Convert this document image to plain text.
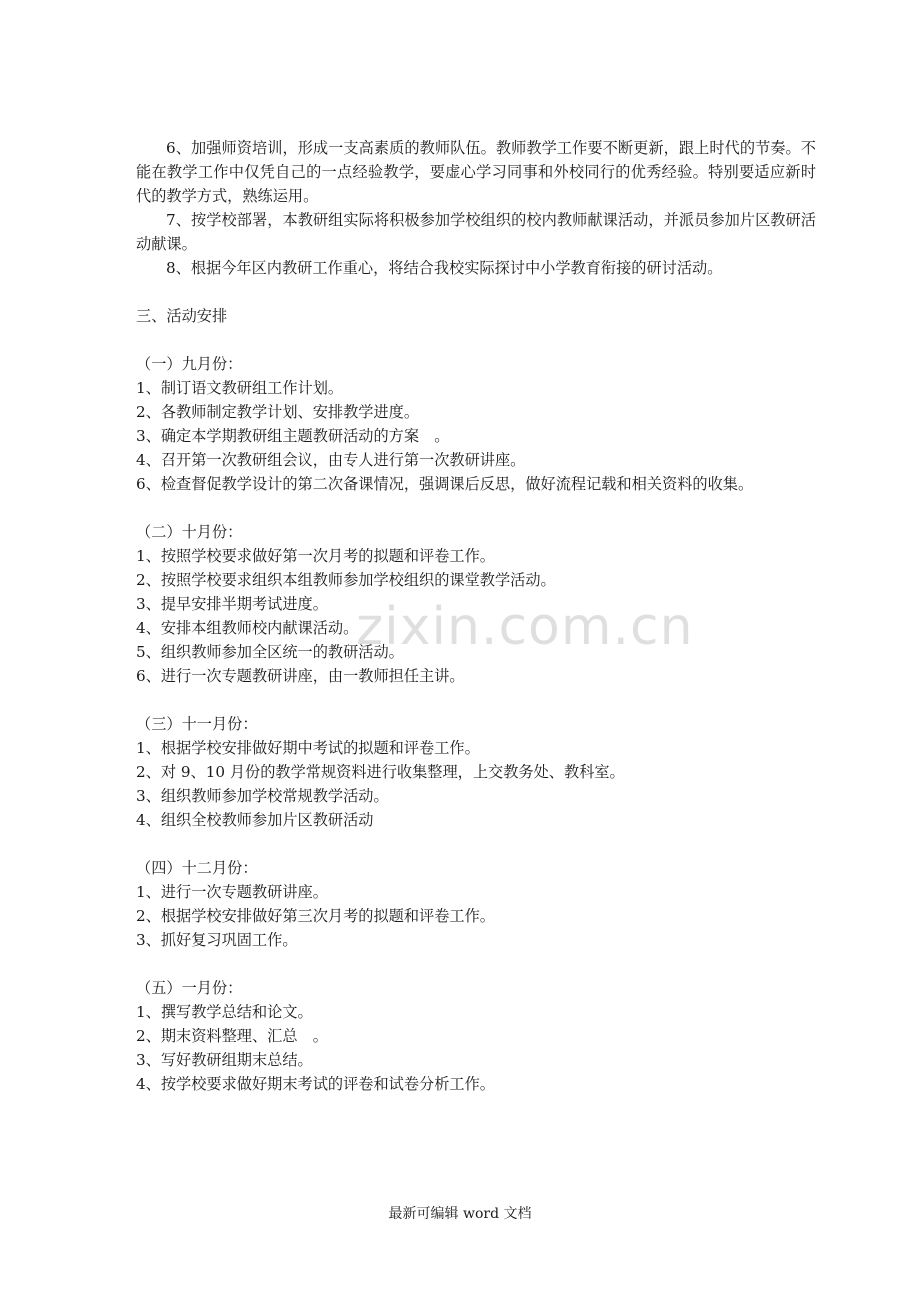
6、加强师资培训，形成一支高素质的教师队伍。教师教学工作要不断更新，跟上时代的节奏。不能在教学工作中仅凭自己的一点经验教学，要虚心学习同事和外校同行的优秀经验。特别要适应新时代的教学方式，熟练运用。

7、按学校部署，本教研组实际将积极参加学校组织的校内教师献课活动，并派员参加片区教研活动献课。

8、根据今年区内教研工作重心，将结合我校实际探讨中小学教育衔接的研讨活动。

三、活动安排

（一）九月份：

1、制订语文教研组工作计划。

2、各教师制定教学计划、安排教学进度。

3、确定本学期教研组主题教研活动的方案　。

4、召开第一次教研组会议，由专人进行第一次教研讲座。

6、检查督促教学设计的第二次备课情况，强调课后反思，做好流程记载和相关资料的收集。

（二）十月份：

1、按照学校要求做好第一次月考的拟题和评卷工作。

2、按照学校要求组织本组教师参加学校组织的课堂教学活动。

3、提早安排半期考试进度。

4、安排本组教师校内献课活动。

5、组织教师参加全区统一的教研活动。

6、进行一次专题教研讲座，由一教师担任主讲。

（三）十一月份：

1、根据学校安排做好期中考试的拟题和评卷工作。

2、对 9、10 月份的教学常规资料进行收集整理，上交教务处、教科室。

3、组织教师参加学校常规教学活动。

4、组织全校教师参加片区教研活动

（四）十二月份：

1、进行一次专题教研讲座。

2、根据学校安排做好第三次月考的拟题和评卷工作。

3、抓好复习巩固工作。

（五）一月份：

1、撰写教学总结和论文。

2、期末资料整理、汇总　。

3、写好教研组期末总结。

4、按学校要求做好期末考试的评卷和试卷分析工作。

zixin.com.cn
最新可编辑 word 文档
